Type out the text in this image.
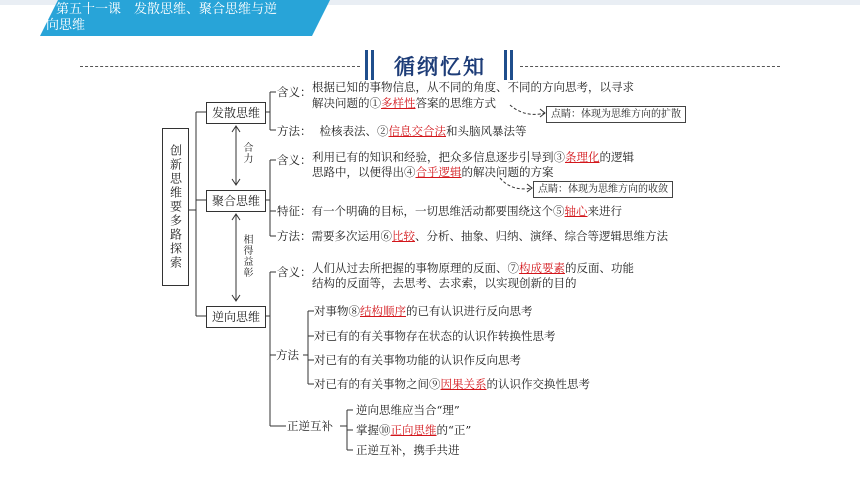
第五十一课　发散思维、聚合思维与逆
向思维
循纲忆知
创新思维要多路探索
发散思维
聚合思维
逆向思维
合力
相得益彰
含义： 根据已知的事物信息，从不同的角度、不同的方向思考，以寻求
解决问题的①多样性答案的思维方式
点睛：体现为思维方向的扩散
方法： 检核表法、②信息交合法和头脑风暴法等
含义： 利用已有的知识和经验，把众多信息逐步引导到③条理化的逻辑
思路中，以便得出④合乎逻辑的解决问题的方案
点睛：体现为思维方向的收敛
特征：有一个明确的目标，一切思维活动都要围绕这个⑤轴心来进行
方法：需要多次运用⑥比较、分析、抽象、归纳、演绎、综合等逻辑思维方法
含义： 人们从过去所把握的事物原理的反面、⑦构成要素的反面、功能
结构的反面等，去思考、去求索，以实现创新的目的
方法
对事物⑧结构顺序的已有认识进行反向思考
对已有的有关事物存在状态的认识作转换性思考
对已有的有关事物功能的认识作反向思考
对已有的有关事物之间⑨因果关系的认识作交换性思考
正逆互补
逆向思维应当合“理”
掌握⑩正向思维的“正”
正逆互补，携手共进
